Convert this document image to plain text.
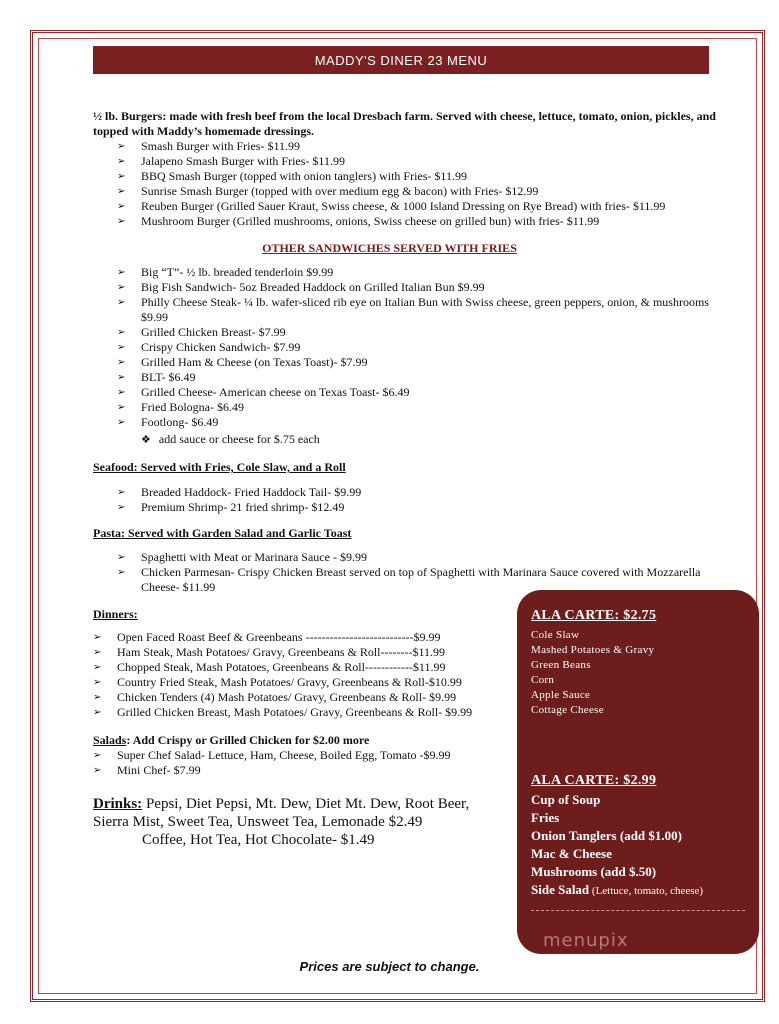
MADDY'S DINER 23 MENU
½ lb. Burgers: made with fresh beef from the local Dresbach farm. Served with cheese, lettuce, tomato, onion, pickles, and topped with Maddy’s homemade dressings.
➢ Smash Burger with Fries- $11.99
➢ Jalapeno Smash Burger with Fries- $11.99
➢ BBQ Smash Burger (topped with onion tanglers) with Fries- $11.99
➢ Sunrise Smash Burger (topped with over medium egg & bacon) with Fries- $12.99
➢ Reuben Burger (Grilled Sauer Kraut, Swiss cheese, & 1000 Island Dressing on Rye Bread) with fries- $11.99
➢ Mushroom Burger (Grilled mushrooms, onions, Swiss cheese on grilled bun) with fries- $11.99
OTHER SANDWICHES SERVED WITH FRIES
➢ Big “T”- ½ lb. breaded tenderloin $9.99
➢ Big Fish Sandwich- 5oz Breaded Haddock on Grilled Italian Bun $9.99
➢ Philly Cheese Steak- ¼ lb. wafer-sliced rib eye on Italian Bun with Swiss cheese, green peppers, onion, & mushrooms $9.99
➢ Grilled Chicken Breast- $7.99
➢ Crispy Chicken Sandwich- $7.99
➢ Grilled Ham & Cheese (on Texas Toast)- $7.99
➢ BLT- $6.49
➢ Grilled Cheese- American cheese on Texas Toast- $6.49
➢ Fried Bologna- $6.49
➢ Footlong- $6.49
❖ add sauce or cheese for $.75 each
Seafood: Served with Fries, Cole Slaw, and a Roll
➢ Breaded Haddock- Fried Haddock Tail- $9.99
➢ Premium Shrimp- 21 fried shrimp- $12.49
Pasta: Served with Garden Salad and Garlic Toast
➢ Spaghetti with Meat or Marinara Sauce - $9.99
➢ Chicken Parmesan- Crispy Chicken Breast served on top of Spaghetti with Marinara Sauce covered with Mozzarella Cheese- $11.99
Dinners:
➢ Open Faced Roast Beef & Greenbeans ---------------------------$9.99
➢ Ham Steak, Mash Potatoes/ Gravy, Greenbeans & Roll--------$11.99
➢ Chopped Steak, Mash Potatoes, Greenbeans & Roll------------$11.99
➢ Country Fried Steak, Mash Potatoes/ Gravy, Greenbeans & Roll-$10.99
➢ Chicken Tenders (4) Mash Potatoes/ Gravy, Greenbeans & Roll- $9.99
➢ Grilled Chicken Breast, Mash Potatoes/ Gravy, Greenbeans & Roll- $9.99
Salads: Add Crispy or Grilled Chicken for $2.00 more
➢ Super Chef Salad- Lettuce, Ham, Cheese, Boiled Egg, Tomato -$9.99
➢ Mini Chef- $7.99
Drinks: Pepsi, Diet Pepsi, Mt. Dew, Diet Mt. Dew, Root Beer,
Sierra Mist, Sweet Tea, Unsweet Tea, Lemonade $2.49
Coffee, Hot Tea, Hot Chocolate- $1.49
ALA CARTE: $2.75
Cole Slaw
Mashed Potatoes & Gravy
Green Beans
Corn
Apple Sauce
Cottage Cheese
ALA CARTE: $2.99
Cup of Soup
Fries
Onion Tanglers (add $1.00)
Mac & Cheese
Mushrooms (add $.50)
Side Salad (Lettuce, tomato, cheese)
menupix
Prices are subject to change.
